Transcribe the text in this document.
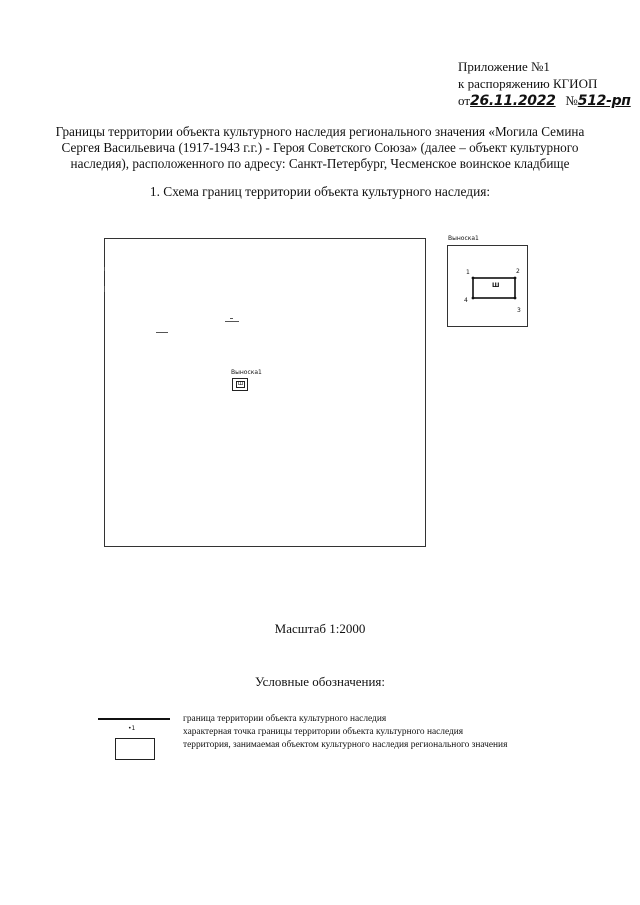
Приложение №1
к распоряжению КГИОП
от26.11.2022 №512-рп
Границы территории объекта культурного наследия регионального значения «Могила Семина
Сергея Васильевича (1917-1943 г.г.) - Героя Советского Союза» (далее – объект культурного
наследия), расположенного по адресу: Санкт-Петербург, Чесменское воинское кладбище
1. Схема границ территории объекта культурного наследия:
Выноска1
Ш
Выноска1
1	2
3
4
Ш
Масштаб 1:2000
Условные обозначения:
•1
граница территории объекта культурного наследия
характерная точка границы территории объекта культурного наследия
территория, занимаемая объектом культурного наследия регионального значения
